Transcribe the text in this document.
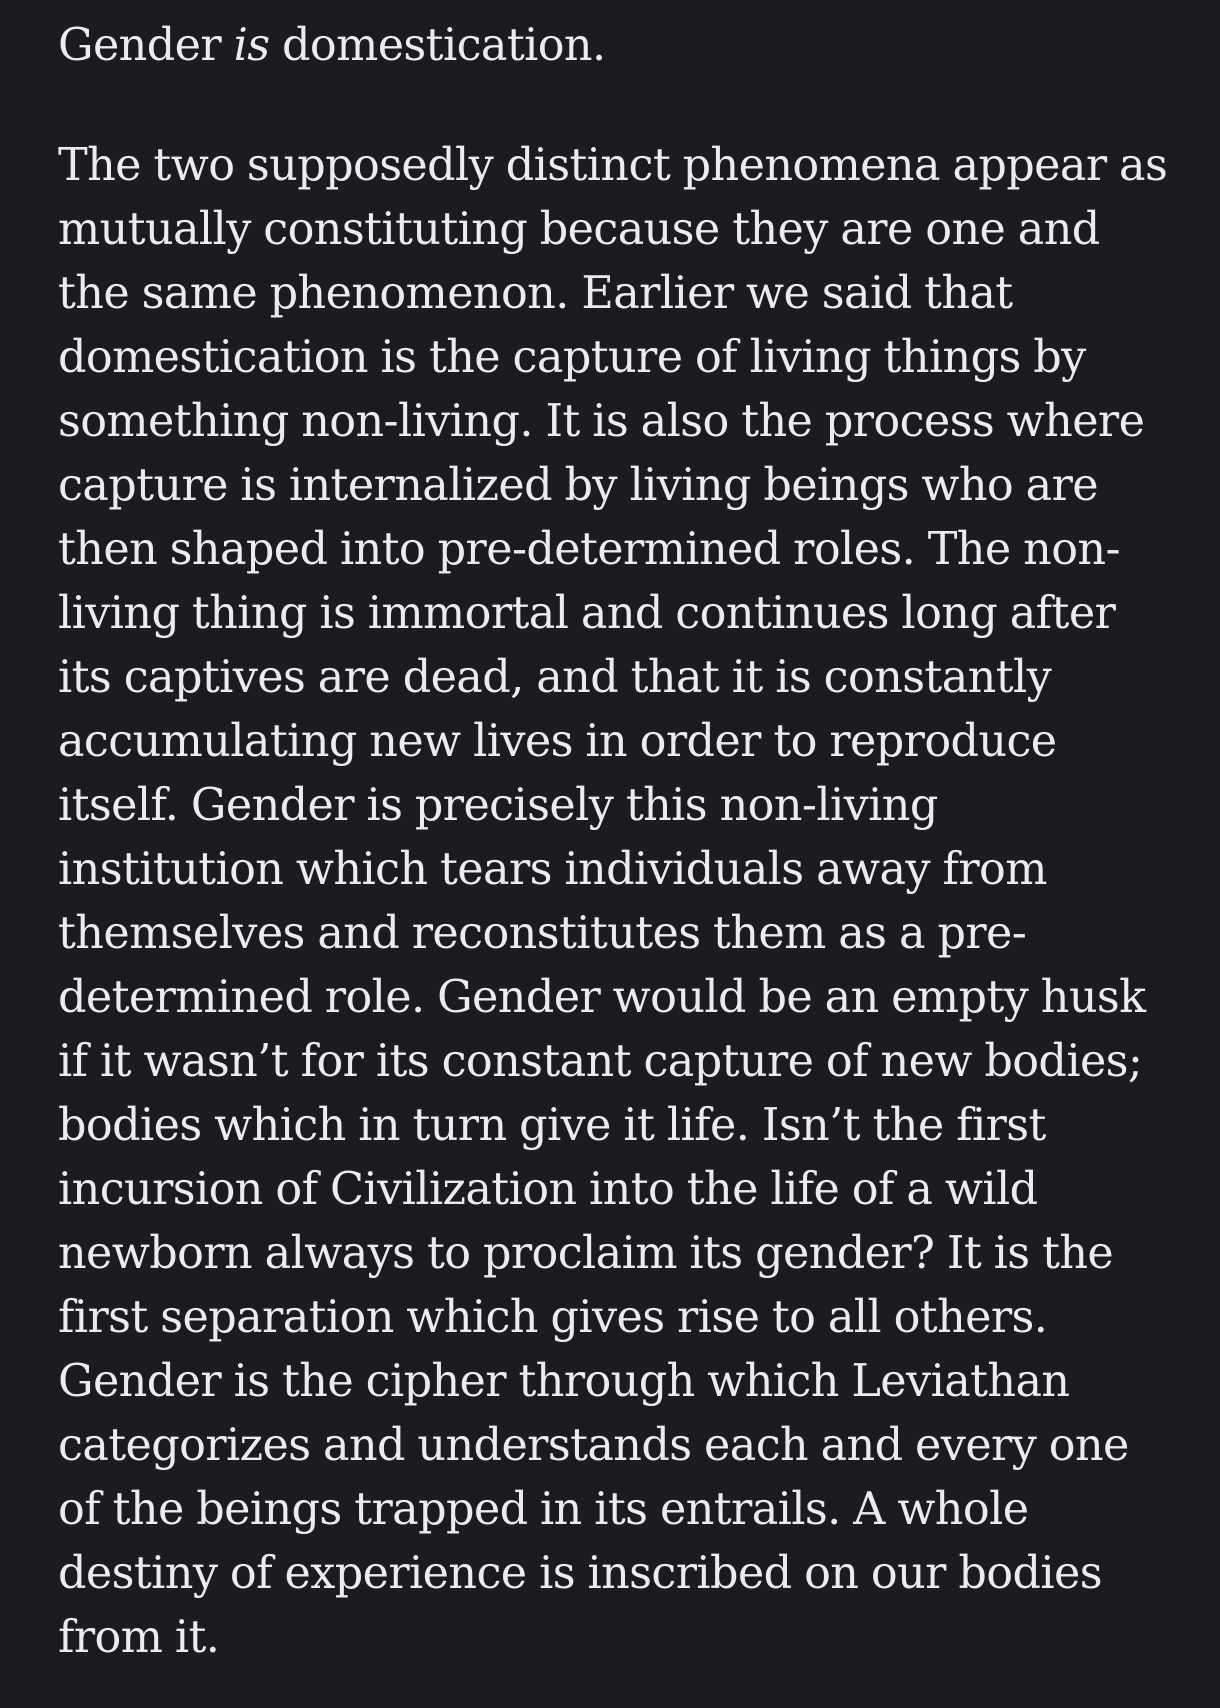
Gender is domestication.

The two supposedly distinct phenomena appear as
mutually constituting because they are one and
the same phenomenon. Earlier we said that
domestication is the capture of living things by
something non-living. It is also the process where
capture is internalized by living beings who are
then shaped into pre-determined roles. The non-
living thing is immortal and continues long after
its captives are dead, and that it is constantly
accumulating new lives in order to reproduce
itself. Gender is precisely this non-living
institution which tears individuals away from
themselves and reconstitutes them as a pre-
determined role. Gender would be an empty husk
if it wasn’t for its constant capture of new bodies;
bodies which in turn give it life. Isn’t the first
incursion of Civilization into the life of a wild
newborn always to proclaim its gender? It is the
first separation which gives rise to all others.
Gender is the cipher through which Leviathan
categorizes and understands each and every one
of the beings trapped in its entrails. A whole
destiny of experience is inscribed on our bodies
from it.
